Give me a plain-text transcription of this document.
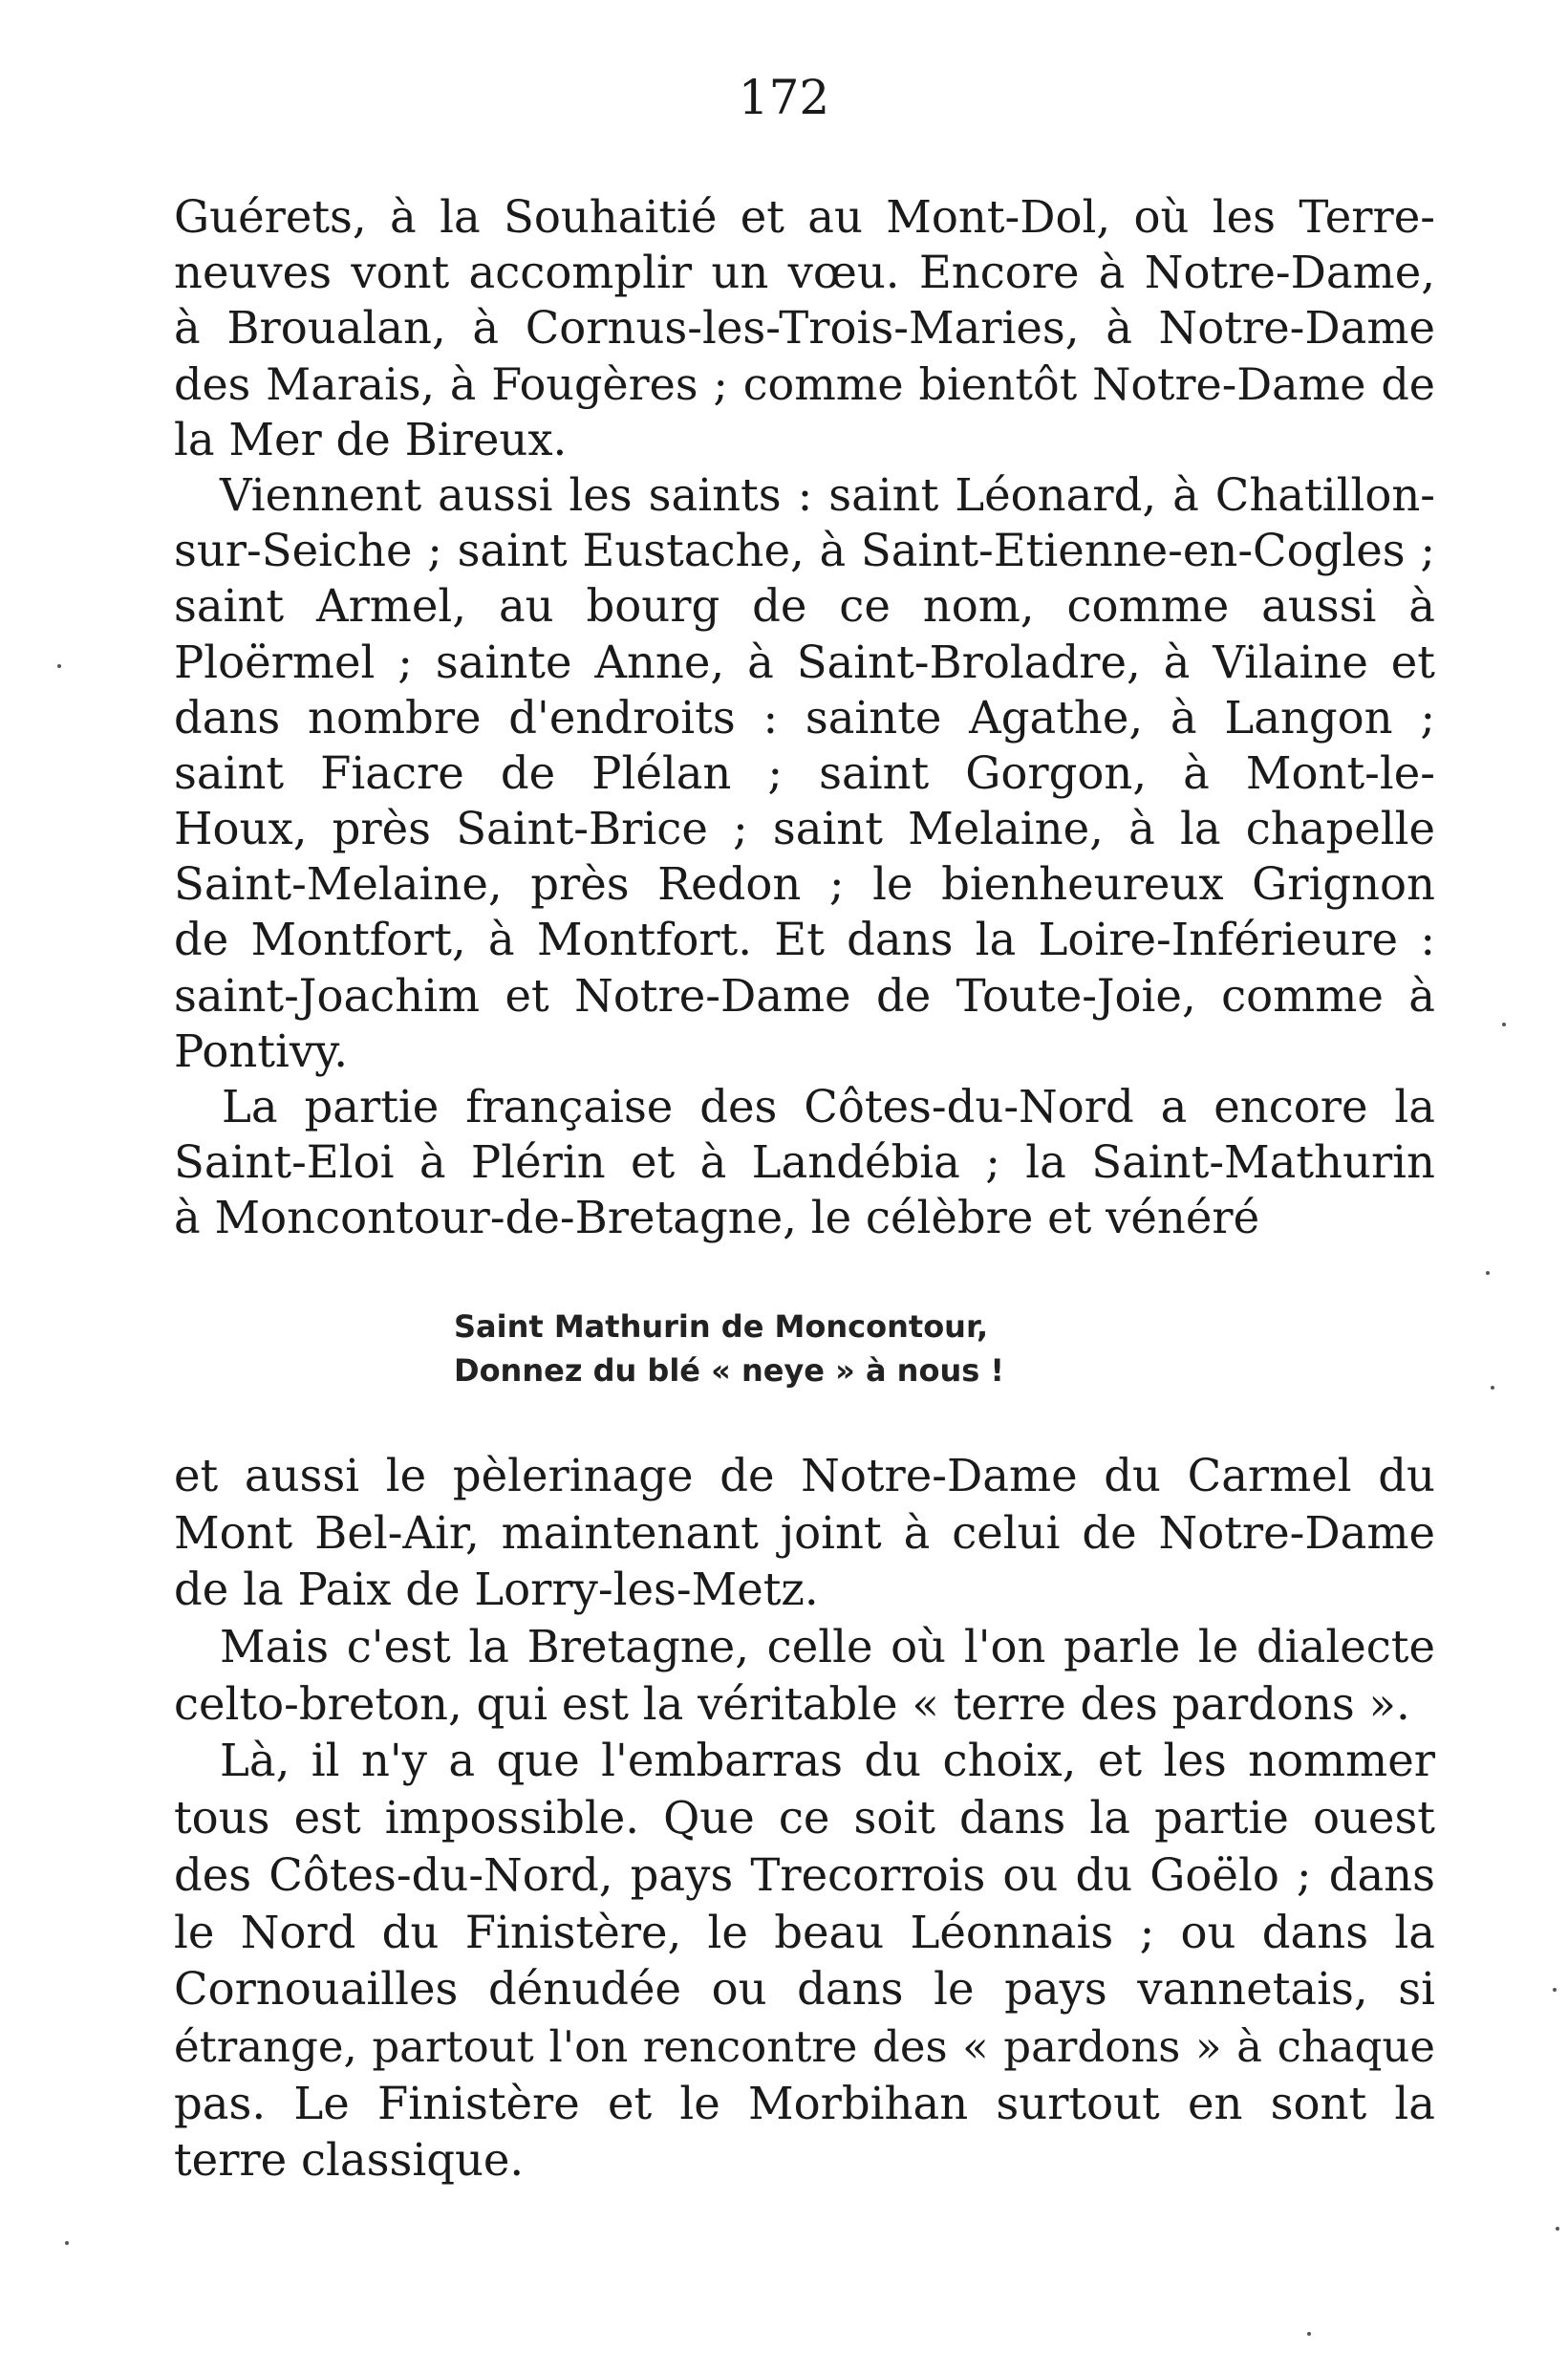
172
Guérets, à la Souhaitié et au Mont-Dol, où les Terre-
neuves vont accomplir un vœu. Encore à Notre-Dame,
à Broualan, à Cornus-les-Trois-Maries, à Notre-Dame
des Marais, à Fougères ; comme bientôt Notre-Dame de
la Mer de Bireux.
Viennent aussi les saints : saint Léonard, à Chatillon-
sur-Seiche ; saint Eustache, à Saint-Etienne-en-Cogles ;
saint Armel, au bourg de ce nom, comme aussi à
Ploërmel ; sainte Anne, à Saint-Broladre, à Vilaine et
dans nombre d'endroits : sainte Agathe, à Langon ;
saint Fiacre de Plélan ; saint Gorgon, à Mont-le-
Houx, près Saint-Brice ; saint Melaine, à la chapelle
Saint-Melaine, près Redon ; le bienheureux Grignon
de Montfort, à Montfort. Et dans la Loire-Inférieure :
saint-Joachim et Notre-Dame de Toute-Joie, comme à
Pontivy.
La partie française des Côtes-du-Nord a encore la
Saint-Eloi à Plérin et à Landébia ; la Saint-Mathurin
à Moncontour-de-Bretagne, le célèbre et vénéré
Saint Mathurin de Moncontour,
Donnez du blé « neye » à nous !
et aussi le pèlerinage de Notre-Dame du Carmel du
Mont Bel-Air, maintenant joint à celui de Notre-Dame
de la Paix de Lorry-les-Metz.
Mais c'est la Bretagne, celle où l'on parle le dialecte
celto-breton, qui est la véritable « terre des pardons ».
Là, il n'y a que l'embarras du choix, et les nommer
tous est impossible. Que ce soit dans la partie ouest
des Côtes-du-Nord, pays Trecorrois ou du Goëlo ; dans
le Nord du Finistère, le beau Léonnais ; ou dans la
Cornouailles dénudée ou dans le pays vannetais, si
étrange, partout l'on rencontre des « pardons » à chaque
pas. Le Finistère et le Morbihan surtout en sont la
terre classique.
